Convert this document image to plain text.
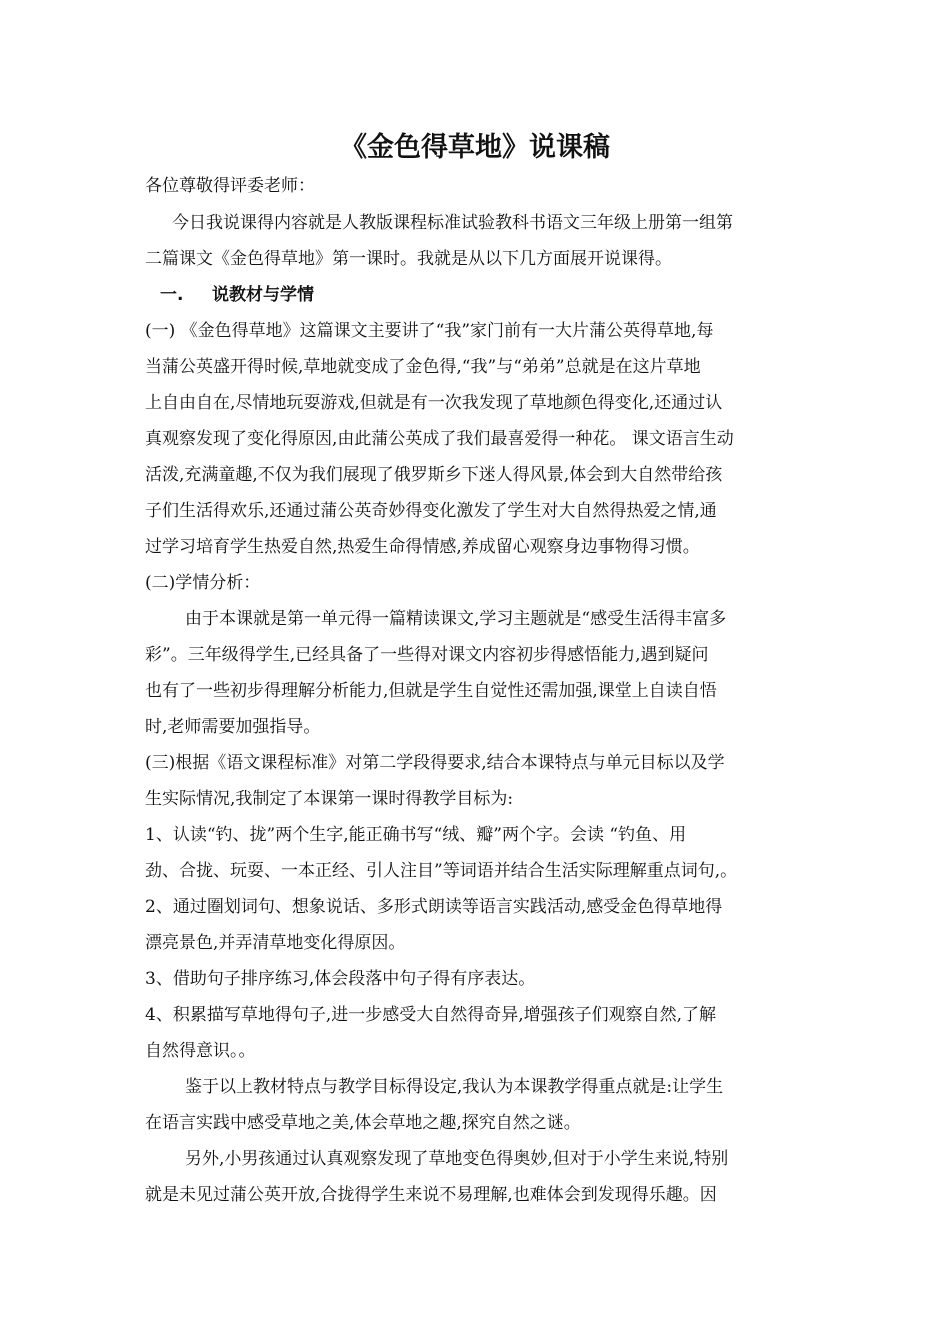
《金色得草地》说课稿
各位尊敬得评委老师：
今日我说课得内容就是人教版课程标准试验教科书语文三年级上册第一组第
二篇课文《金色得草地》第一课时。我就是从以下几方面展开说课得。
一. 说教材与学情
(一) 《金色得草地》这篇课文主要讲了“我”家门前有一大片蒲公英得草地,每
当蒲公英盛开得时候,草地就变成了金色得,“我”与“弟弟”总就是在这片草地
上自由自在,尽情地玩耍游戏,但就是有一次我发现了草地颜色得变化,还通过认
真观察发现了变化得原因,由此蒲公英成了我们最喜爱得一种花。 课文语言生动
活泼,充满童趣,不仅为我们展现了俄罗斯乡下迷人得风景,体会到大自然带给孩
子们生活得欢乐,还通过蒲公英奇妙得变化激发了学生对大自然得热爱之情,通
过学习培育学生热爱自然,热爱生命得情感,养成留心观察身边事物得习惯。
(二)学情分析：
由于本课就是第一单元得一篇精读课文,学习主题就是“感受生活得丰富多
彩”。三年级得学生,已经具备了一些得对课文内容初步得感悟能力,遇到疑问
也有了一些初步得理解分析能力,但就是学生自觉性还需加强,课堂上自读自悟
时,老师需要加强指导。
(三)根据《语文课程标准》对第二学段得要求,结合本课特点与单元目标以及学
生实际情况,我制定了本课第一课时得教学目标为:
1、认读“钓、拢”两个生字,能正确书写“绒、瓣”两个字。会读 “钓鱼、用
劲、合拢、玩耍、一本正经、引人注目”等词语并结合生活实际理解重点词句,。
2、通过圈划词句、想象说话、多形式朗读等语言实践活动,感受金色得草地得
漂亮景色,并弄清草地变化得原因。
3、借助句子排序练习,体会段落中句子得有序表达。
4、积累描写草地得句子,进一步感受大自然得奇异,增强孩子们观察自然,了解
自然得意识。。
鉴于以上教材特点与教学目标得设定,我认为本课教学得重点就是:让学生
在语言实践中感受草地之美,体会草地之趣,探究自然之谜。
另外,小男孩通过认真观察发现了草地变色得奥妙,但对于小学生来说,特别
就是未见过蒲公英开放,合拢得学生来说不易理解,也难体会到发现得乐趣。因
